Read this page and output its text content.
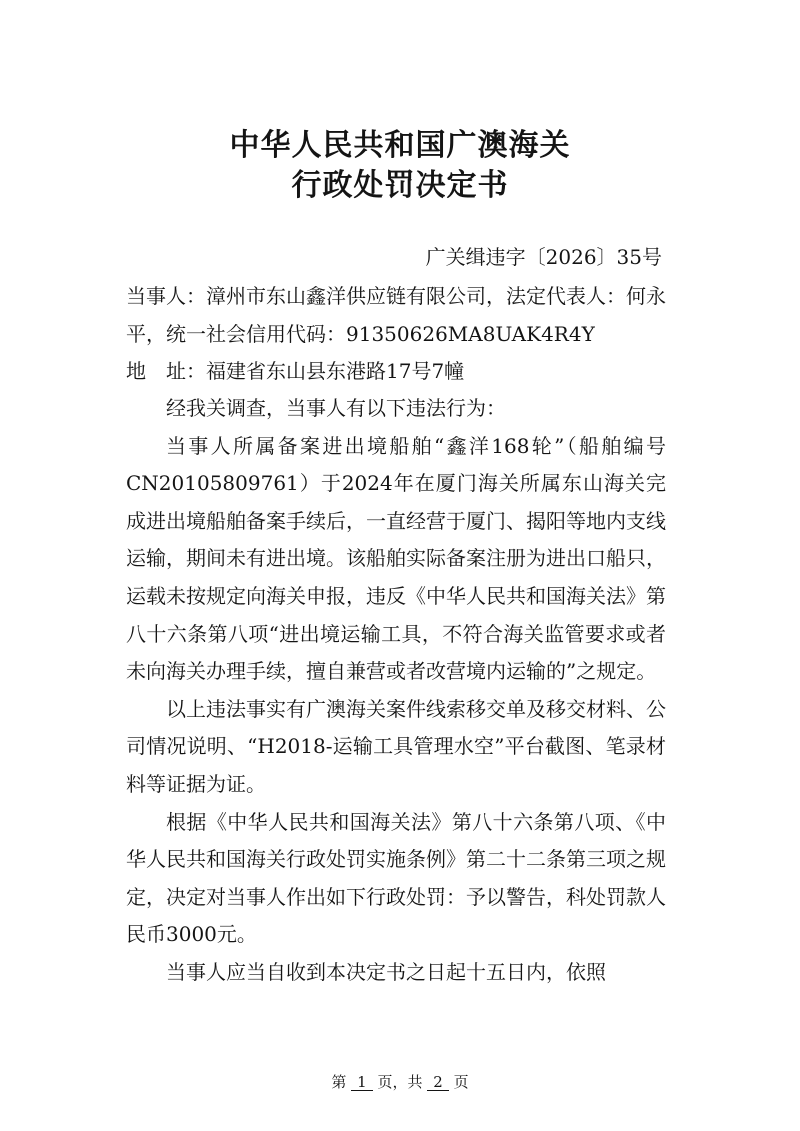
中华人民共和国广澳海关
行政处罚决定书
广关缉违字〔2026〕35号

当事人：漳州市东山鑫洋供应链有限公司，法定代表人：何永平，统一社会信用代码：91350626MA8UAK4R4Y

地　址：福建省东山县东港路17号7幢

经我关调查，当事人有以下违法行为：

当事人所属备案进出境船舶“鑫洋168轮”（船舶编号CN20105809761）于2024年在厦门海关所属东山海关完成进出境船舶备案手续后，一直经营于厦门、揭阳等地内支线运输，期间未有进出境。该船舶实际备案注册为进出口船只，运载未按规定向海关申报，违反《中华人民共和国海关法》第八十六条第八项“进出境运输工具，不符合海关监管要求或者未向海关办理手续，擅自兼营或者改营境内运输的”之规定。

以上违法事实有广澳海关案件线索移交单及移交材料、公司情况说明、“H2018-运输工具管理水空”平台截图、笔录材料等证据为证。

根据《中华人民共和国海关法》第八十六条第八项、《中华人民共和国海关行政处罚实施条例》第二十二条第三项之规定，决定对当事人作出如下行政处罚：予以警告，科处罚款人民币3000元。

当事人应当自收到本决定书之日起十五日内，依照

第 1 页，共 2 页
